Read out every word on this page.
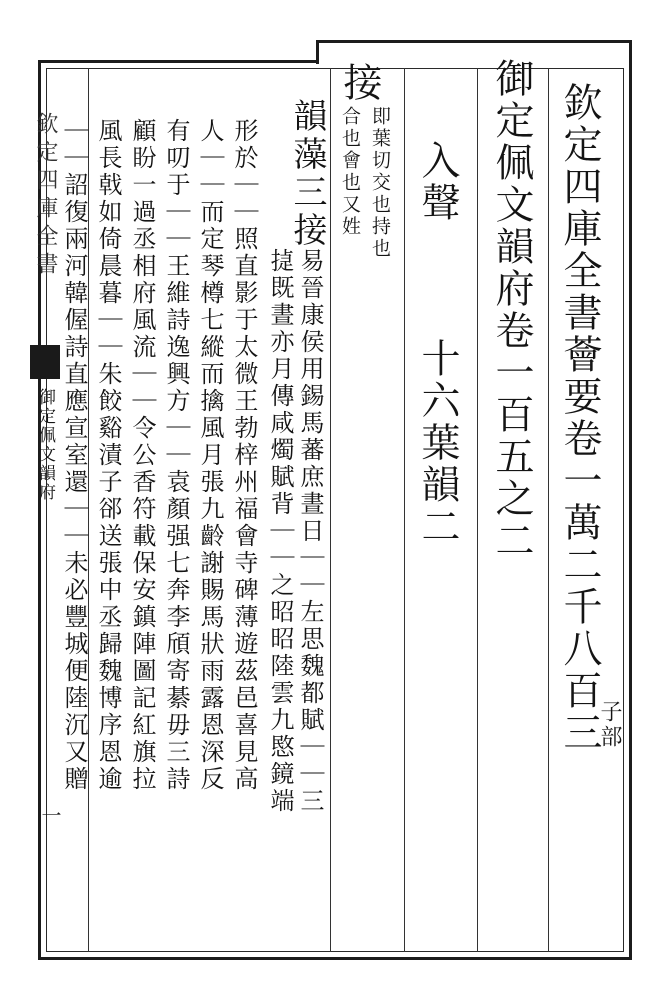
欽定四庫全書薈要卷一萬二千八百三
子部
御定佩文韻府卷一百五之二
入聲
十六葉韻二
接
即葉切交也持也
合也會也又姓
韻藻三接
易晉康侯用錫馬蕃庶晝日｜｜左思魏都賦｜｜三
㨗既晝亦月傳咸燭賦背｜｜之昭昭陸雲九愍鏡端
形於｜｜照直影于太微王勃梓州福會寺碑薄遊茲邑喜見高
人｜｜而定琴樽七縱而擒風月張九齡謝賜馬狀雨露恩深反
有叨于｜｜王維詩逸興方｜｜袁顏强七奔李頎寄綦毋三詩
顧盼一過丞相府風流｜｜令公香符載保安鎮陣圖記紅旗拉
風長戟如倚晨暮｜｜朱餃谿漬子郤送張中丞歸魏博序恩逾
｜｜詔復兩河韓偓詩直應宣室還｜｜未必豐城便陸沉又贈
欽定四庫全書
御定佩文韻府
一
